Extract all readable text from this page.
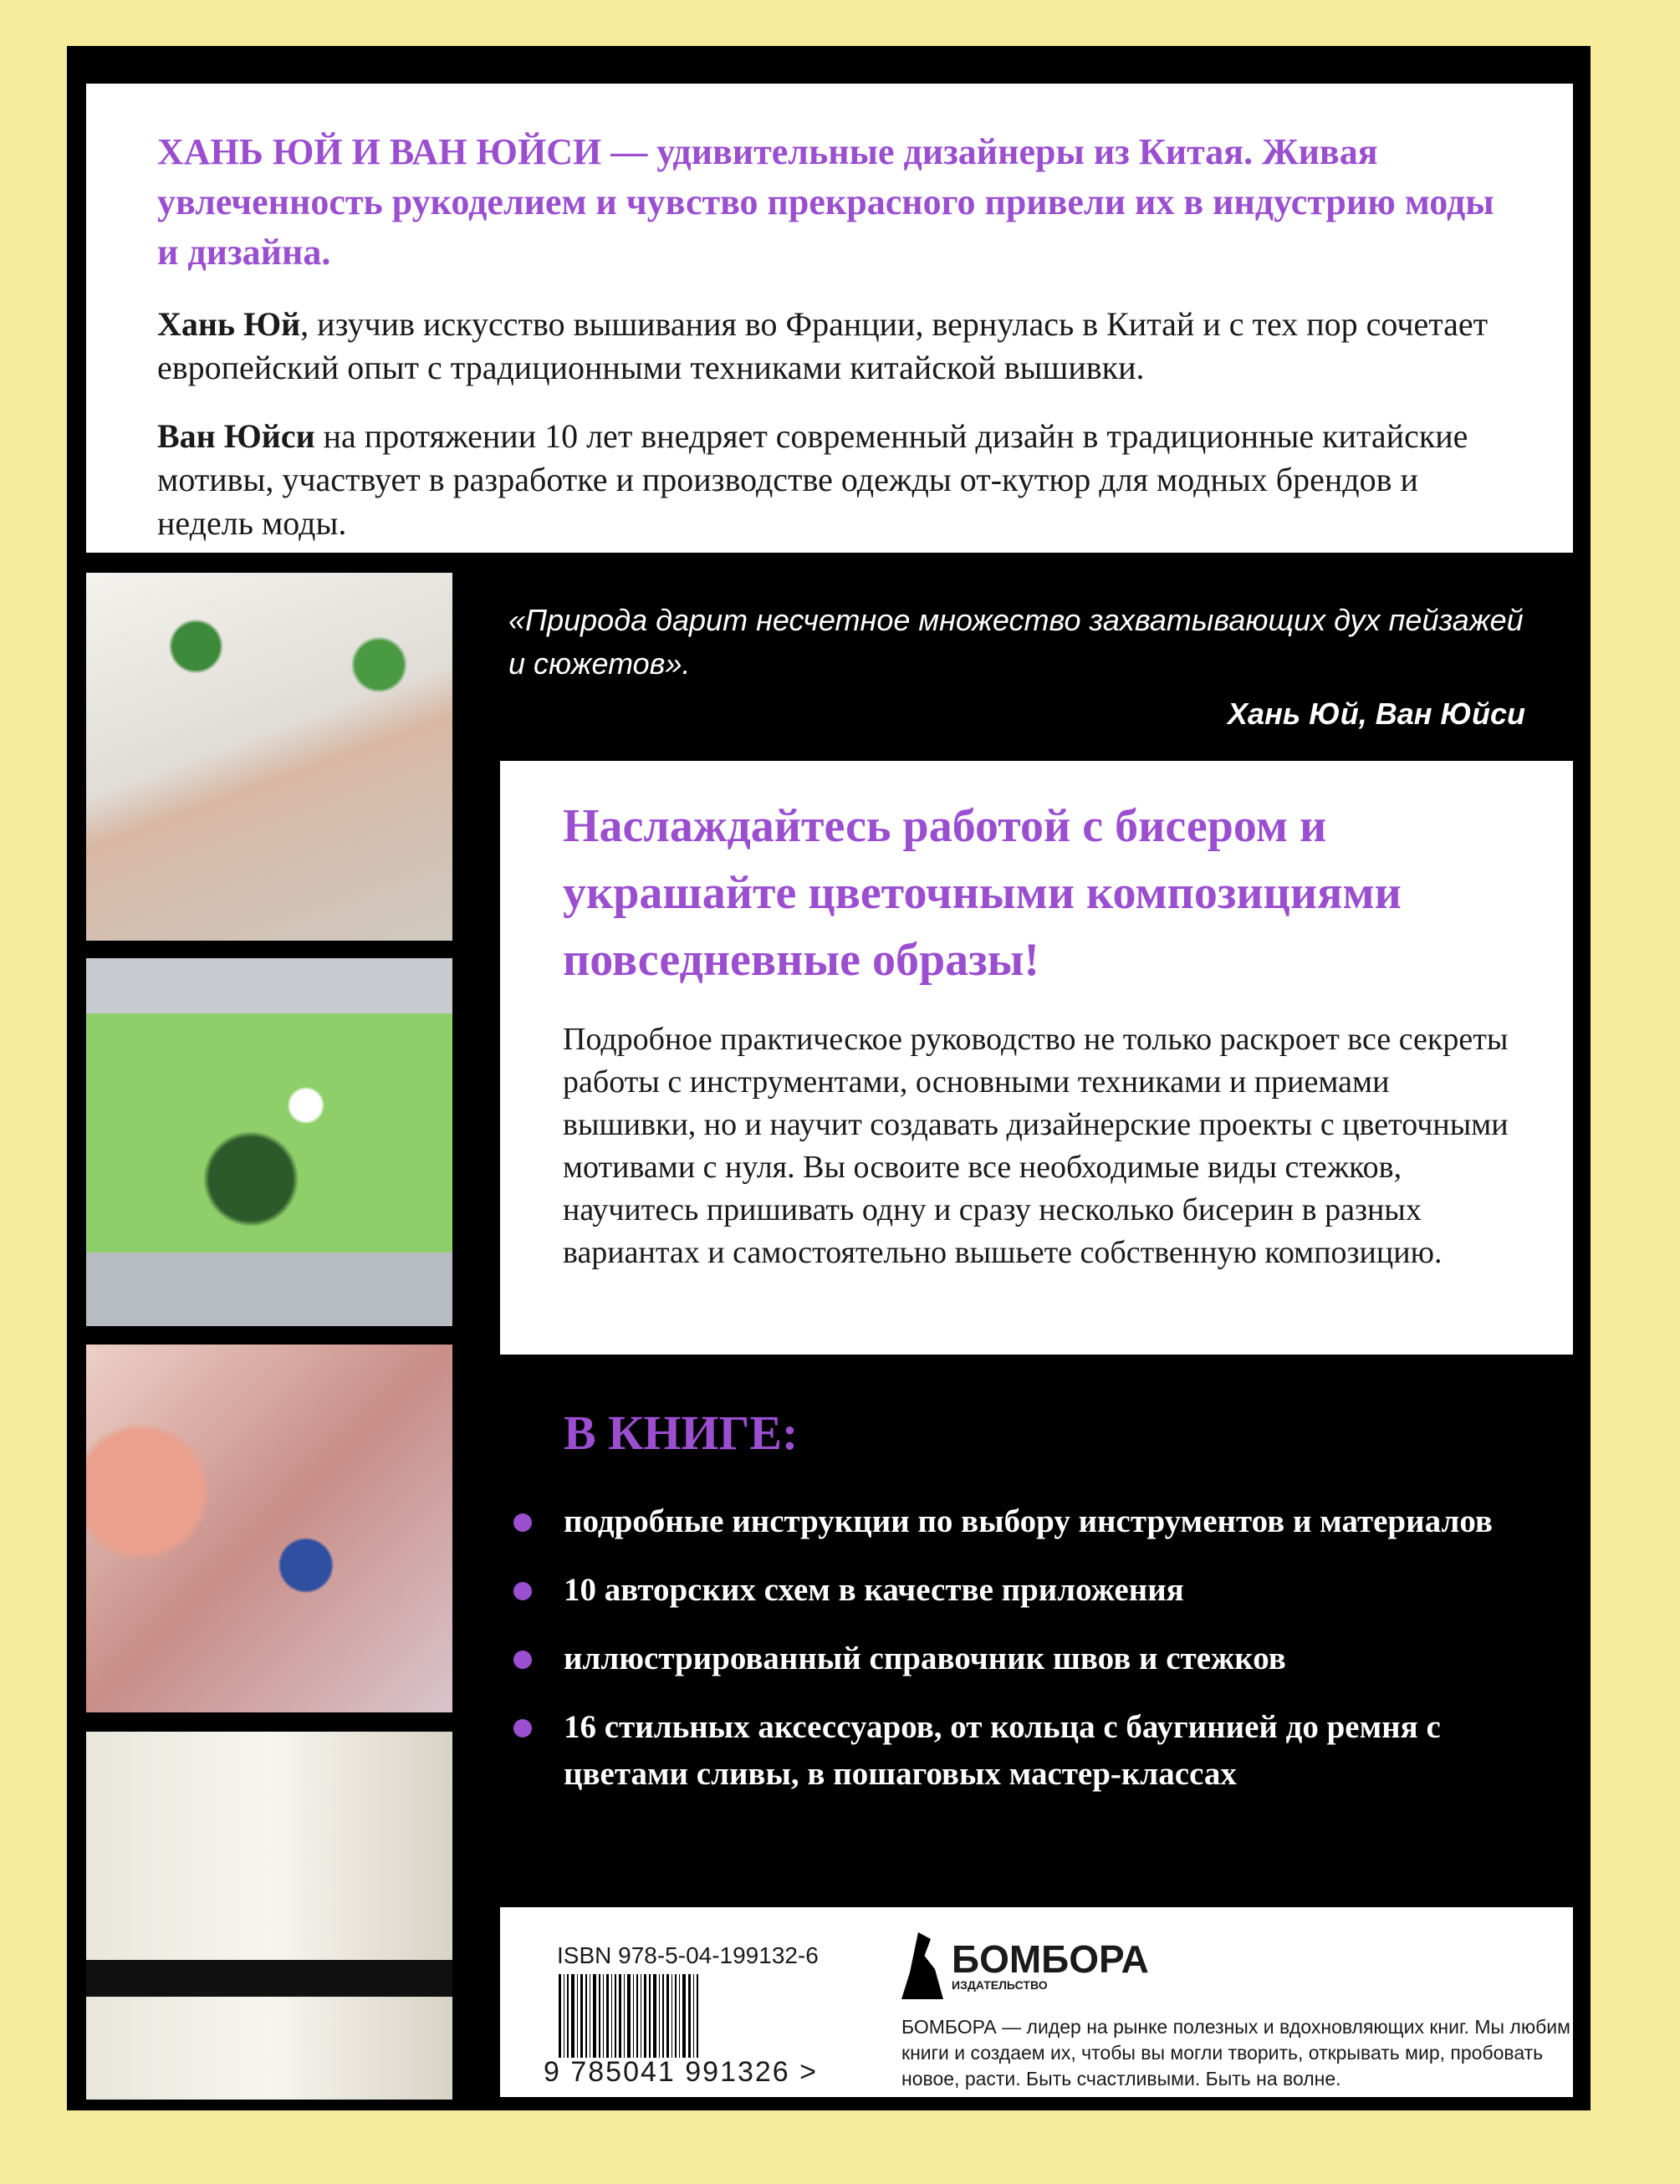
ХАНЬ ЮЙ И ВАН ЮЙСИ — удивительные дизайнеры из Китая. Живая увлеченность рукоделием и чувство прекрасного привели их в индустрию моды и дизайна.

Хань Юй, изучив искусство вышивания во Франции, вернулась в Китай и с тех пор сочетает европейский опыт с традиционными техниками китайской вышивки.

Ван Юйси на протяжении 10 лет внедряет современный дизайн в традиционные китайские мотивы, участвует в разработке и производстве одежды от-кутюр для модных брендов и недель моды.

«Природа дарит несчетное множество захватывающих дух пейзажей и сюжетов».
Хань Юй, Ван Юйси
Наслаждайтесь работой с бисером и украшайте цветочными композициями повседневные образы!

Подробное практическое руководство не только раскроет все секреты работы с инструментами, основными техниками и приемами вышивки, но и научит создавать дизайнерские проекты с цветочными мотивами с нуля. Вы освоите все необходимые виды стежков, научитесь пришивать одну и сразу несколько бисерин в разных вариантах и самостоятельно вышьете собственную композицию.

В КНИГЕ:
подробные инструкции по выбору инструментов и материалов
10 авторских схем в качестве приложения
иллюстрированный справочник швов и стежков
16 стильных аксессуаров, от кольца с баугинией до ремня с цветами сливы, в пошаговых мастер-классах
ISBN 978-5-04-199132-6
9 785041 991326 >
БОМБОРА
ИЗДАТЕЛЬСТВО
БОМБОРА — лидер на рынке полезных и вдохновляющих книг. Мы любим книги и создаем их, чтобы вы могли творить, открывать мир, пробовать новое, расти. Быть счастливыми. Быть на волне.
